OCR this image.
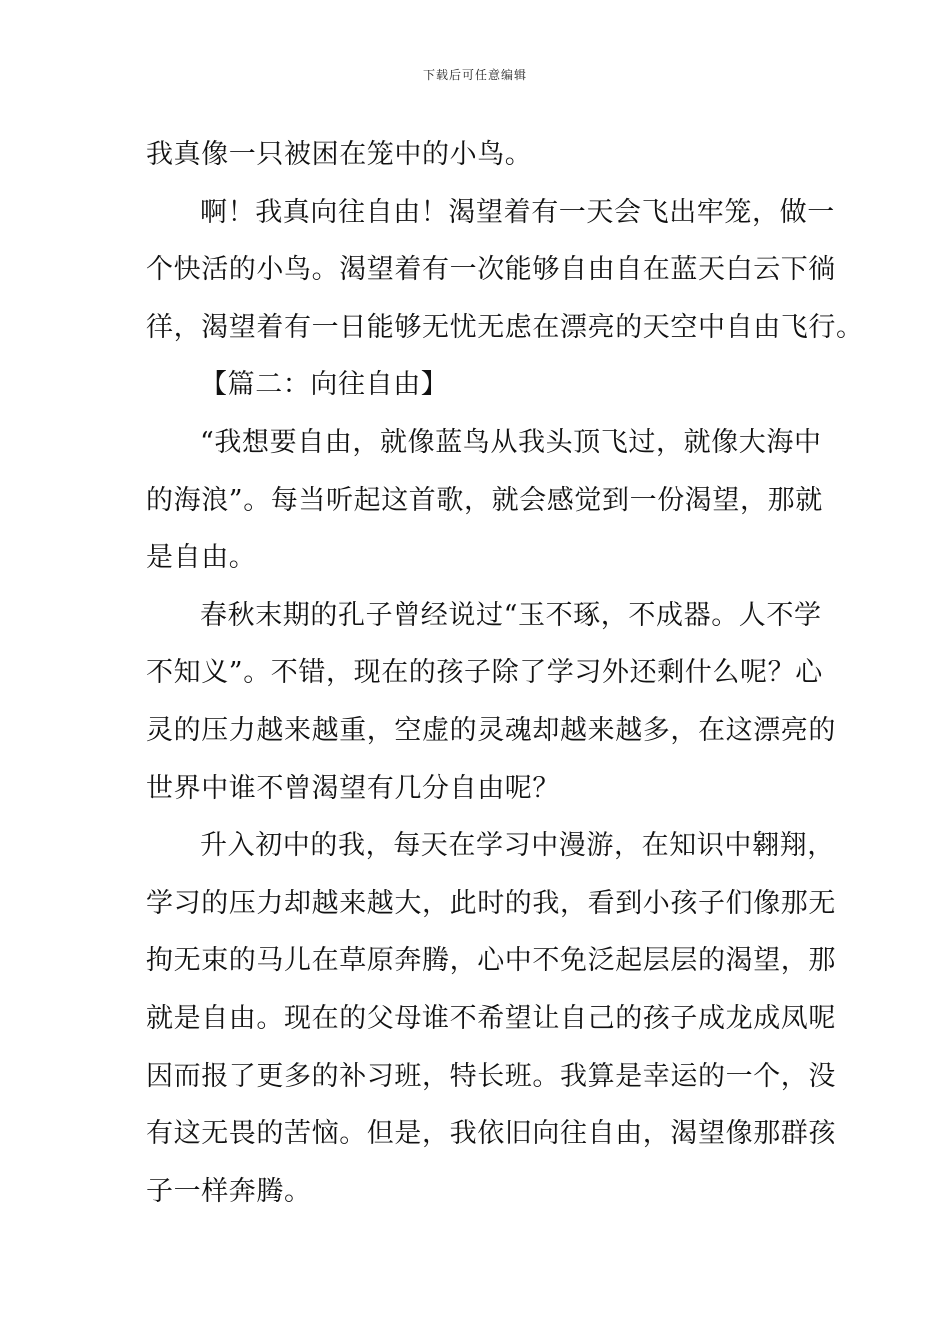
下载后可任意编辑
我真像一只被困在笼中的小鸟。
啊！我真向往自由！渴望着有一天会飞出牢笼，做一
个快活的小鸟。渴望着有一次能够自由自在蓝天白云下徜
徉，渴望着有一日能够无忧无虑在漂亮的天空中自由飞行。
【篇二：向往自由】
“我想要自由，就像蓝鸟从我头顶飞过，就像大海中
的海浪”。每当听起这首歌，就会感觉到一份渴望，那就
是自由。
春秋末期的孔子曾经说过“玉不琢，不成器。人不学
不知义”。不错，现在的孩子除了学习外还剩什么呢？心
灵的压力越来越重，空虚的灵魂却越来越多，在这漂亮的
世界中谁不曾渴望有几分自由呢？
升入初中的我，每天在学习中漫游，在知识中翱翔，
学习的压力却越来越大，此时的我，看到小孩子们像那无
拘无束的马儿在草原奔腾，心中不免泛起层层的渴望，那
就是自由。现在的父母谁不希望让自己的孩子成龙成凤呢
因而报了更多的补习班，特长班。我算是幸运的一个，没
有这无畏的苦恼。但是，我依旧向往自由，渴望像那群孩
子一样奔腾。
